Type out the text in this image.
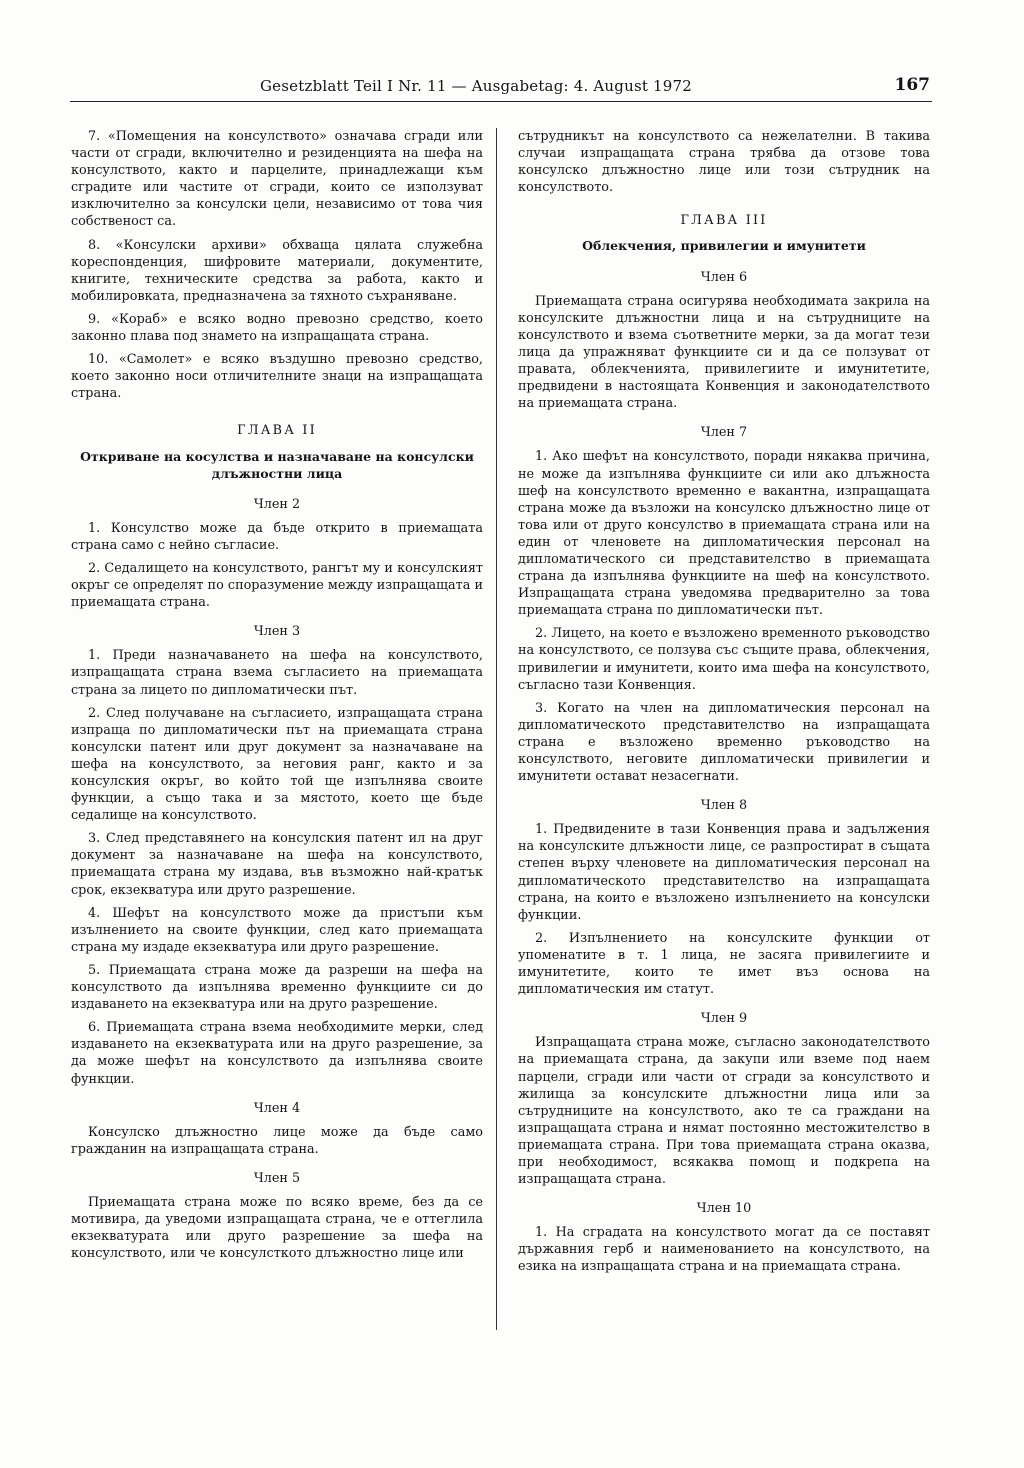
Gesetzblatt Teil I Nr. 11 — Ausgabetag: 4. August 1972	167

7. «Помещения на консулството» означава сгради или части от сгради, включително и резиденцията на шефа на консулството, както и парцелите, принадлежащи към сградите или частите от сгради, които се използуват изключително за консулски цели, независимо от това чия собственост са.

8. «Консулски архиви» обхваща цялата служебна кореспонденция, шифровите материали, документите, книгите, техническите средства за работа, както и мобилировката, предназначена за тяхното съхраняване.

9. «Кораб» е всяко водно превозно средство, което законно плава под знамето на изпращащата страна.

10. «Самолет» е всяко въздушно превозно средство, което законно носи отличителните знаци на изпращащата страна.

ГЛАВА II
Откриване на косулства и назначаване на консулски длъжностни лица
Член 2

1. Консулство може да бъде открито в приемащата страна само с нейно съгласие.

2. Седалището на консулството, рангът му и консулският окръг се определят по споразумение между изпращащата и приемащата страна.

Член 3

1. Преди назначаването на шефа на консулството, изпращащата страна взема съгласието на приемащата страна за лицето по дипломатически път.

2. След получаване на съгласието, изпращащата страна изпраща по дипломатически път на приемащата страна консулски патент или друг документ за назначаване на шефа на консулството, за неговия ранг, както и за консулския окръг, во който той ще изпълнява своите функции, а също така и за мястото, което ще бъде седалище на консулството.

3. След представянего на консулския патент ил на друг документ за назначаване на шефа на консулството, приемащата страна му издава, във възможно най-кратък срок, екзекватура или друго разрешение.

4. Шефът на консулството може да пристъпи към изълнението на своите функции, след като приемащата страна му издаде екзекватура или друго разрешение.

5. Приемащата страна може да разреши на шефа на консулството да изпълнява временно функциите си до издаването на екзекватура или на друго разрешение.

6. Приемащата страна взема необходимите мерки, след издаването на екзекватурата или на друго разрешение, за да може шефът на консулството да изпълнява своите функции.

Член 4

Консулско длъжностно лице може да бъде само гражданин на изпращащата страна.

Член 5

Приемащата страна може по всяко време, без да се мотивира, да уведоми изпращащата страна, че е оттеглила екзекватурата или друго разрешение за шефа на консулството, или че консулсткото длъжностно лице или

сътрудникът на консулството са нежелателни. В такива случаи изпращащата страна трябва да отзове това консулско длъжностно лице или този сътрудник на консулството.

ГЛАВА III
Облекчения, привилегии и имунитети
Член 6

Приемащата страна осигурява необходимата закрила на консулските длъжностни лица и на сътрудниците на консулството и взема съответните мерки, за да могат тези лица да упражняват функциите си и да се ползуват от правата, облекченията, привилегиите и имунитетите, предвидени в настоящата Конвенция и законодателството на приемащата страна.

Член 7

1. Ако шефът на консулството, поради някаква причина, не може да изпълнява функциите си или ако длъжноста шеф на консулството временно е вакантна, изпращащата страна може да възложи на консулско длъжностно лице от това или от друго консулство в приемащата страна или на един от членовете на дипломатическия персонал на дипломатического си представителство в приемащата страна да изпълнява функциите на шеф на консулството. Изпращащата страна уведомява предварително за това приемащата страна по дипломатически път.

2. Лицето, на което е възложено временното ръководство на консулството, се ползува със същите права, облекчения, привилегии и имунитети, които има шефа на консулството, съгласно тази Конвенция.

3. Когато на член на дипломатическия персонал на дипломатическото представителство на изпращащата страна е възложено временно ръководство на консулството, неговите дипломатически привилегии и имунитети остават незасегнати.

Член 8

1. Предвидените в тази Конвенция права и задължения на консулските длъжности лице, се разпростират в същата степен върху членовете на дипломатическия персонал на дипломатическото представителство на изпращащата страна, на които е възложено изпълнението на консулски функции.

2. Изпълнението на консулските функции от упоменатите в т. 1 лица, не засяга привилегиите и имунитетите, които те имет въз основа на дипломатическия им статут.

Член 9

Изпращащата страна може, съгласно законодателството на приемащата страна, да закупи или вземе под наем парцели, сгради или части от сгради за консулството и жилища за консулските длъжностни лица или за сътрудниците на консулството, ако те са граждани на изпращащата страна и нямат постоянно местожителство в приемащата страна. При това приемащата страна оказва, при необходимост, всякаква помощ и подкрепа на изпращащата страна.

Член 10

1. На сградата на консулството могат да се поставят държавния герб и наименованието на консулството, на езика на изпращащата страна и на приемащата страна.
